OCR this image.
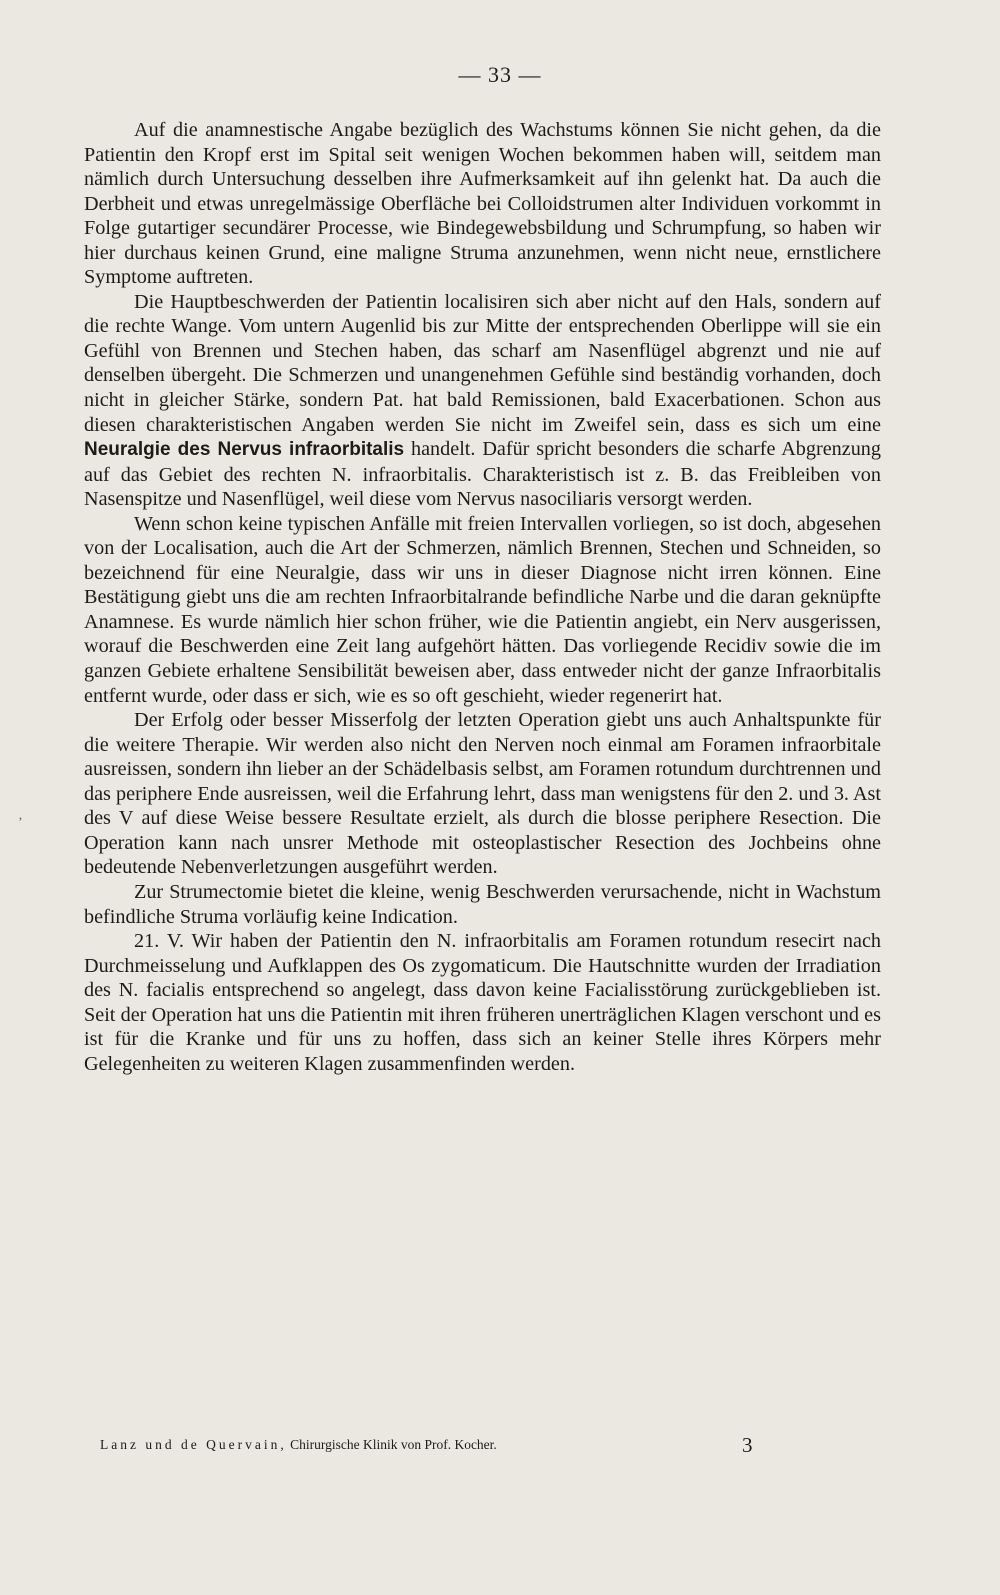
— 33 —
‚

Auf die anamnestische Angabe bezüglich des Wachstums können Sie nicht gehen, da die Patientin den Kropf erst im Spital seit wenigen Wochen bekommen haben will, seitdem man nämlich durch Untersuchung desselben ihre Aufmerksamkeit auf ihn gelenkt hat. Da auch die Derbheit und etwas unregelmässige Oberfläche bei Colloidstrumen alter Individuen vorkommt in Folge gutartiger secundärer Processe, wie Bindegewebsbildung und Schrumpfung, so haben wir hier durchaus keinen Grund, eine maligne Struma anzunehmen, wenn nicht neue, ernstlichere Symptome auftreten.

Die Hauptbeschwerden der Patientin localisiren sich aber nicht auf den Hals, sondern auf die rechte Wange. Vom untern Augenlid bis zur Mitte der entsprechenden Oberlippe will sie ein Gefühl von Brennen und Stechen haben, das scharf am Nasenflügel abgrenzt und nie auf denselben übergeht. Die Schmerzen und unangenehmen Gefühle sind beständig vorhanden, doch nicht in gleicher Stärke, sondern Pat. hat bald Remissionen, bald Exacerbationen. Schon aus diesen charakteristischen Angaben werden Sie nicht im Zweifel sein, dass es sich um eine Neuralgie des Nervus infraorbitalis handelt. Dafür spricht besonders die scharfe Abgrenzung auf das Gebiet des rechten N. infraorbitalis. Charakteristisch ist z. B. das Freibleiben von Nasenspitze und Nasenflügel, weil diese vom Nervus nasociliaris versorgt werden.

Wenn schon keine typischen Anfälle mit freien Intervallen vorliegen, so ist doch, abgesehen von der Localisation, auch die Art der Schmerzen, nämlich Brennen, Stechen und Schneiden, so bezeichnend für eine Neuralgie, dass wir uns in dieser Diagnose nicht irren können. Eine Bestätigung giebt uns die am rechten Infraorbitalrande befindliche Narbe und die daran geknüpfte Anamnese. Es wurde nämlich hier schon früher, wie die Patientin angiebt, ein Nerv ausgerissen, worauf die Beschwerden eine Zeit lang aufgehört hätten. Das vorliegende Recidiv sowie die im ganzen Gebiete erhaltene Sensibilität beweisen aber, dass entweder nicht der ganze Infraorbitalis entfernt wurde, oder dass er sich, wie es so oft geschieht, wieder regenerirt hat.

Der Erfolg oder besser Misserfolg der letzten Operation giebt uns auch Anhaltspunkte für die weitere Therapie. Wir werden also nicht den Nerven noch einmal am Foramen infraorbitale ausreissen, sondern ihn lieber an der Schädelbasis selbst, am Foramen rotundum durchtrennen und das periphere Ende ausreissen, weil die Erfahrung lehrt, dass man wenigstens für den 2. und 3. Ast des V auf diese Weise bessere Resultate erzielt, als durch die blosse periphere Resection. Die Operation kann nach unsrer Methode mit osteoplastischer Resection des Jochbeins ohne bedeutende Nebenverletzungen ausgeführt werden.

Zur Strumectomie bietet die kleine, wenig Beschwerden verursachende, nicht in Wachstum befindliche Struma vorläufig keine Indication.

21. V. Wir haben der Patientin den N. infraorbitalis am Foramen rotundum resecirt nach Durchmeisselung und Aufklappen des Os zygomaticum. Die Hautschnitte wurden der Irradiation des N. facialis entsprechend so angelegt, dass davon keine Facialisstörung zurückgeblieben ist. Seit der Operation hat uns die Patientin mit ihren früheren unerträglichen Klagen verschont und es ist für die Kranke und für uns zu hoffen, dass sich an keiner Stelle ihres Körpers mehr Gelegenheiten zu weiteren Klagen zusammenfinden werden.

Lanz und de Quervain, Chirurgische Klinik von Prof. Kocher.	3
